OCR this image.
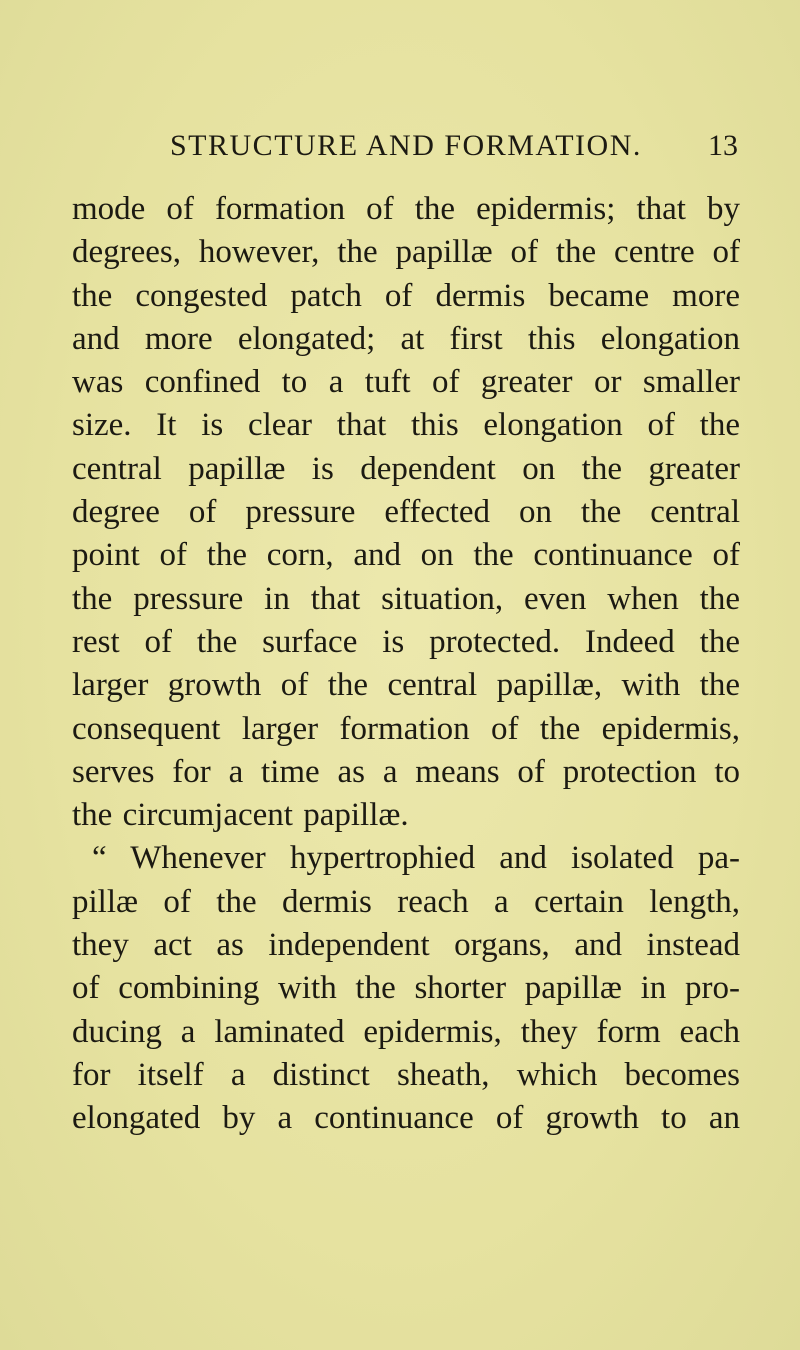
STRUCTURE AND FORMATION. 13
mode of formation of the epidermis; that by
degrees, however, the papillæ of the centre of
the congested patch of dermis became more
and more elongated; at first this elongation
was confined to a tuft of greater or smaller
size. It is clear that this elongation of the
central papillæ is dependent on the greater
degree of pressure effected on the central
point of the corn, and on the continuance of
the pressure in that situation, even when the
rest of the surface is protected. Indeed the
larger growth of the central papillæ, with the
consequent larger formation of the epidermis,
serves for a time as a means of protection to
the circumjacent papillæ.
“ Whenever hypertrophied and isolated pa-
pillæ of the dermis reach a certain length,
they act as independent organs, and instead
of combining with the shorter papillæ in pro-
ducing a laminated epidermis, they form each
for itself a distinct sheath, which becomes
elongated by a continuance of growth to an
